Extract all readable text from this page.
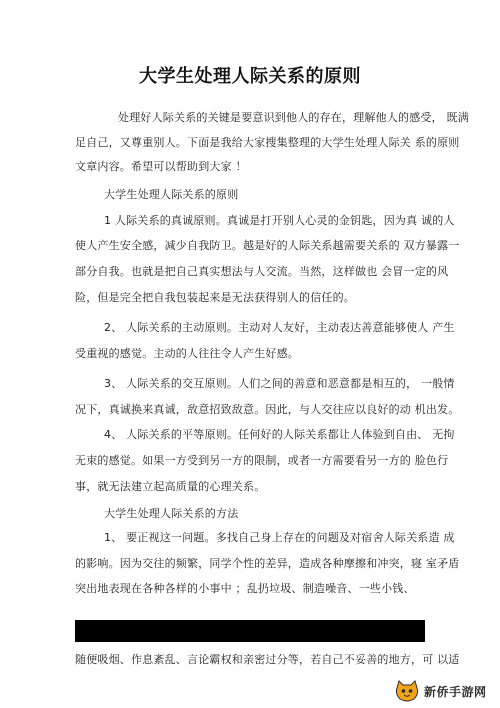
大学生处理人际关系的原则
处理好人际关系的关键是要意识到他人的存在，理解他人的感受， 既满
足自己，又尊重别人。下面是我给大家搜集整理的大学生处理人际关 系的原则
文章内容。希望可以帮助到大家 ！
大学生处理人际关系的原则
1 人际关系的真诚原则。真诚是打开别人心灵的金钥匙，因为真 诚的人
使人产生安全感，减少自我防卫。越是好的人际关系越需要关系的 双方暴露一
部分自我。也就是把自己真实想法与人交流。当然，这样做也 会冒一定的风
险，但是完全把自我包装起来是无法获得别人的信任的。
2、 人际关系的主动原则。主动对人友好，主动表达善意能够使人 产生
受重视的感觉。主动的人往往令人产生好感。
3、 人际关系的交互原则。人们之间的善意和恶意都是相互的， 一般情
况下，真诚换来真诚，敌意招致敌意。因此，与人交往应以良好的动 机出发。
4、 人际关系的平等原则。任何好的人际关系都让人体验到自由、 无拘
无束的感觉。如果一方受到另一方的限制，或者一方需要看另一方的 脸色行
事，就无法建立起高质量的心理关系。
大学生处理人际关系的方法
1、 要正视这一问题。多找自己身上存在的问题及对宿舍人际关系造 成
的影响。因为交往的频繁，同学个性的差异，造成各种摩擦和冲突，寝 室矛盾
突出地表现在各种各样的小事中 ；乱扔垃圾、制造噪音、一些小钱、
随便吸烟、作息紊乱、言论霸权和亲密过分等，若自己不妥善的地方，可 以适
新侨手游网
